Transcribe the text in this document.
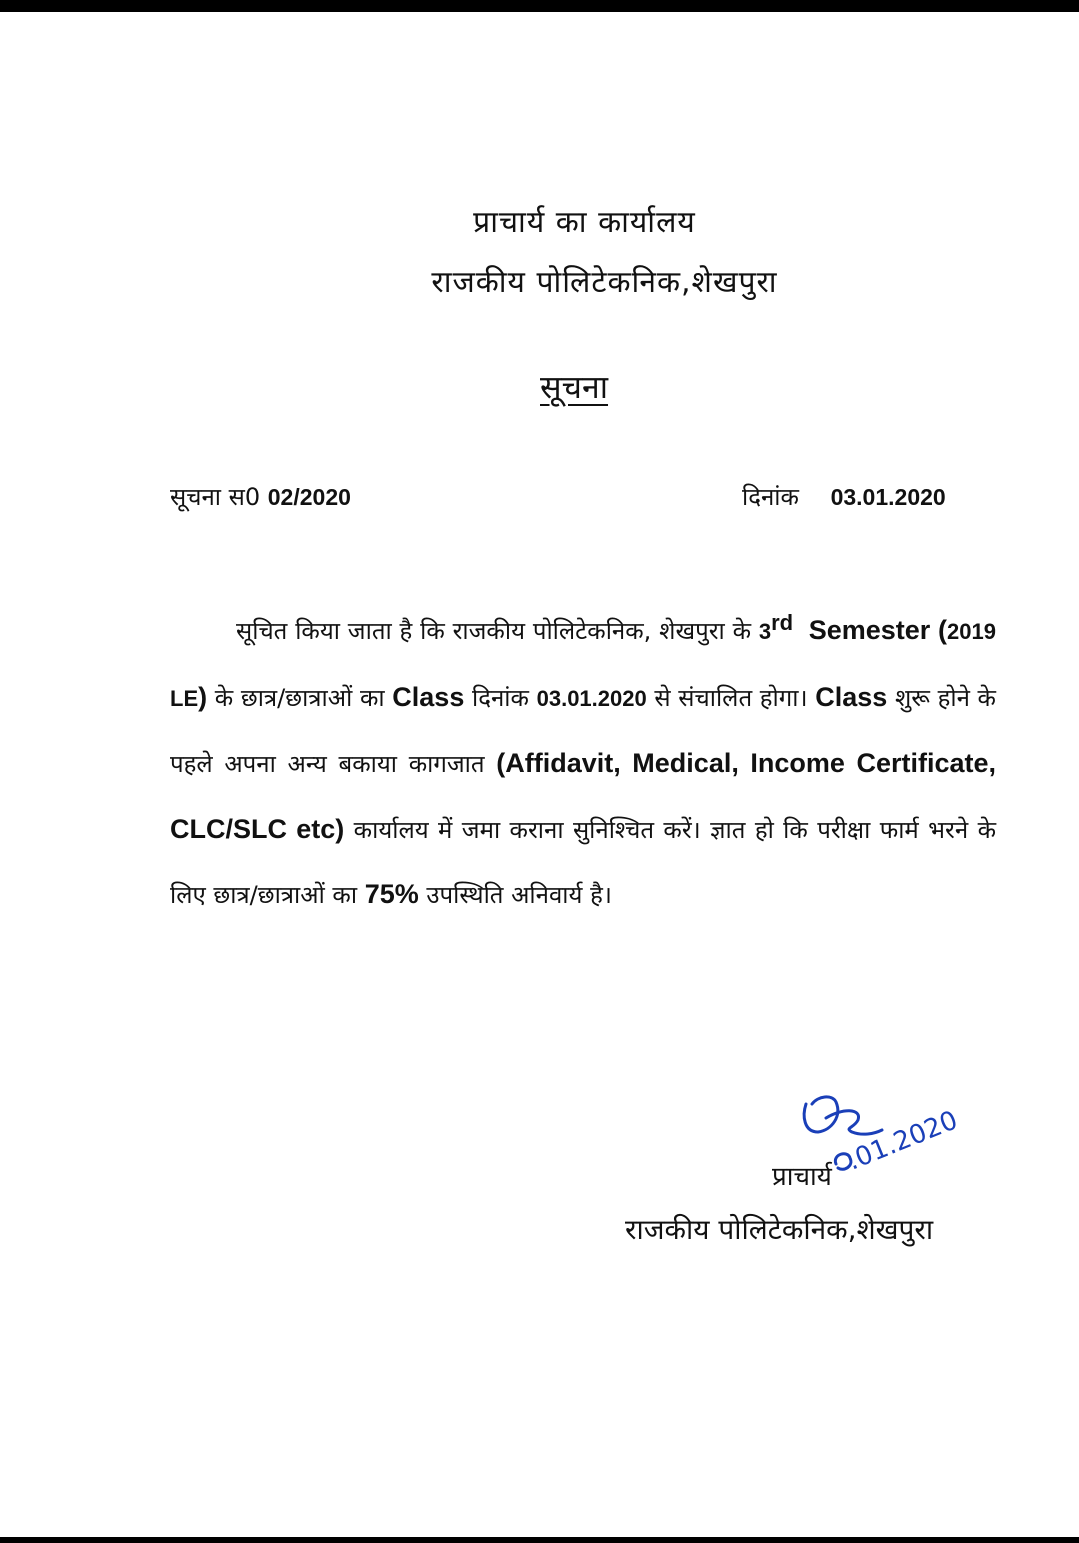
प्राचार्य का कार्यालय
राजकीय पोलिटेकनिक,शेखपुरा
सूचना
सूचना स0 02/2020	दिनांक 03.01.2020
सूचित किया जाता है कि राजकीय पोलिटेकनिक, शेखपुरा के 3rd Semester (2019 LE) के छात्र/छात्राओं का Class दिनांक 03.01.2020 से संचालित होगा। Class शुरू होने के पहले अपना अन्य बकाया कागजात (Affidavit, Medical, Income Certificate, CLC/SLC etc) कार्यालय में जमा कराना सुनिश्चित करें। ज्ञात हो कि परीक्षा फार्म भरने के लिए छात्र/छात्राओं का 75% उपस्थिति अनिवार्य है।
.01.2020
प्राचार्य
राजकीय पोलिटेकनिक,शेखपुरा
